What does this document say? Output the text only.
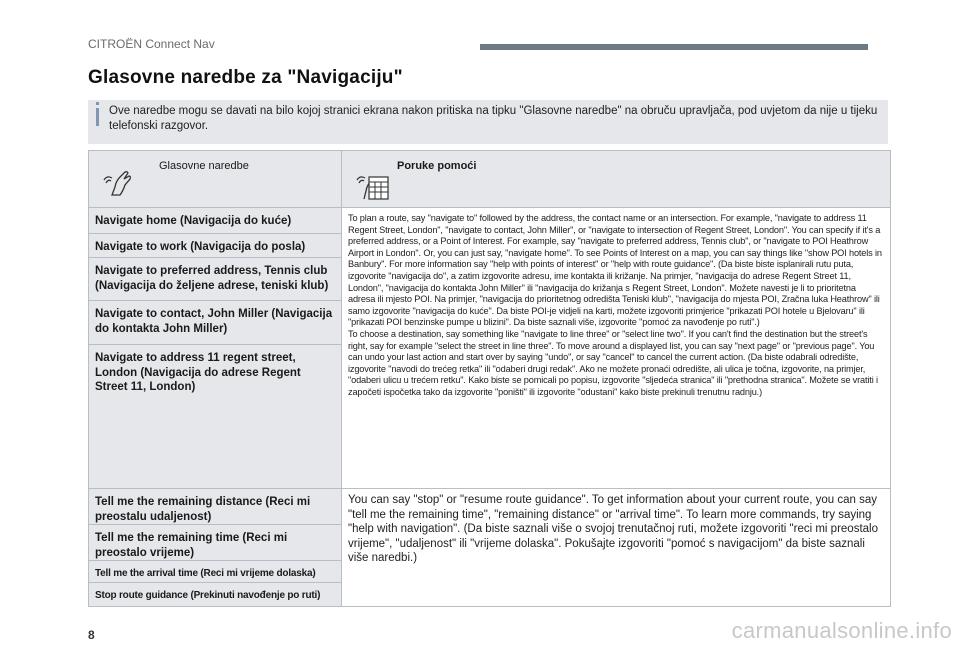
CITROËN Connect Nav
Glasovne naredbe za "Navigaciju"
Ove naredbe mogu se davati na bilo kojoj stranici ekrana nakon pritiska na tipku "Glasovne naredbe" na obruču upravljača, pod uvjetom da nije u tijeku telefonski razgovor.
Glasovne naredbe	Poruke pomoći

Navigate home (Navigacija do kuće)	To plan a route, say "navigate to" followed by the address, the contact name or an intersection. For example, "navigate to address 11 Regent Street, London", "navigate to contact, John Miller", or "navigate to intersection of Regent Street, London". You can specify if it's a preferred address, or a Point of Interest. For example, say "navigate to preferred address, Tennis club", or "navigate to POI Heathrow Airport in London". Or, you can just say, "navigate home". To see Points of Interest on a map, you can say things like "show POI hotels in Banbury". For more information say "help with points of interest" or "help with route guidance". (Da biste biste isplanirali rutu puta, izgovorite "navigacija do", a zatim izgovorite adresu, ime kontakta ili križanje. Na primjer, "navigacija do adrese Regent Street 11, London", "navigacija do kontakta John Miller" ili "navigacija do križanja s Regent Street, London". Možete navesti je li to prioritetna adresa ili mjesto POI. Na primjer, "navigacija do prioritetnog odredišta Teniski klub", "navigacija do mjesta POI, Zračna luka Heathrow" ili samo izgovorite "navigacija do kuće". Da biste POI-je vidjeli na karti, možete izgovoriti primjerice "prikazati POI hotele u Bjelovaru" ili "prikazati POI benzinske pumpe u blizini". Da biste saznali više, izgovorite "pomoć za navođenje po ruti".)
To choose a destination, say something like "navigate to line three" or "select line two". If you can't find the destination but the street's right, say for example "select the street in line three". To move around a displayed list, you can say "next page" or "previous page". You can undo your last action and start over by saying "undo", or say "cancel" to cancel the current action. (Da biste odabrali odredište, izgovorite "navodi do trećeg retka" ili "odaberi drugi redak". Ako ne možete pronaći odredište, ali ulica je točna, izgovorite, na primjer, "odaberi ulicu u trećem retku". Kako biste se pomicali po popisu, izgovorite "sljedeća stranica" ili "prethodna stranica". Možete se vratiti i započeti ispočetka tako da izgovorite "poništi" ili izgovorite "odustani" kako biste prekinuli trenutnu radnju.)

Navigate to work (Navigacija do posla)	
Navigate to preferred address, Tennis club (Navigacija do željene adrese, teniski klub)	
Navigate to contact, John Miller (Navigacija do kontakta John Miller)	
Navigate to address 11 regent street, London (Navigacija do adrese Regent Street 11, London)	
Tell me the remaining distance (Reci mi preostalu udaljenost)	You can say "stop" or "resume route guidance". To get information about your current route, you can say "tell me the remaining time", "remaining distance" or "arrival time". To learn more commands, try saying "help with navigation". (Da biste saznali više o svojoj trenutačnoj ruti, možete izgovoriti "reci mi preostalo vrijeme", "udaljenost" ili "vrijeme dolaska". Pokušajte izgovoriti "pomoć s navigacijom" da biste saznali više naredbi.)

Tell me the remaining time (Reci mi preostalo vrijeme)	
Tell me the arrival time (Reci mi vrijeme dolaska)	
Stop route guidance (Prekinuti navođenje po ruti)	
8	carmanualsonline.info
